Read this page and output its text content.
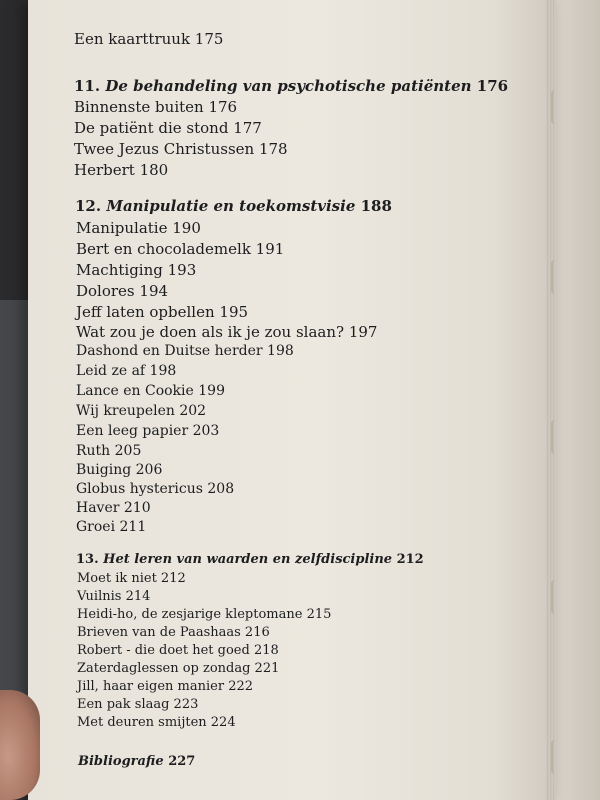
Een kaarttruuk 175
11. De behandeling van psychotische patiënten 176
Binnenste buiten 176
De patiënt die stond 177
Twee Jezus Christussen 178
Herbert 180
12. Manipulatie en toekomstvisie 188
Manipulatie 190
Bert en chocolademelk 191
Machtiging 193
Dolores 194
Jeff laten opbellen 195
Wat zou je doen als ik je zou slaan? 197
Dashond en Duitse herder 198
Leid ze af 198
Lance en Cookie 199
Wij kreupelen 202
Een leeg papier 203
Ruth 205
Buiging 206
Globus hystericus 208
Haver 210
Groei 211
13. Het leren van waarden en zelfdiscipline 212
Moet ik niet 212
Vuilnis 214
Heidi-ho, de zesjarige kleptomane 215
Brieven van de Paashaas 216
Robert - die doet het goed 218
Zaterdaglessen op zondag 221
Jill, haar eigen manier 222
Een pak slaag 223
Met deuren smijten 224
Bibliografie 227
